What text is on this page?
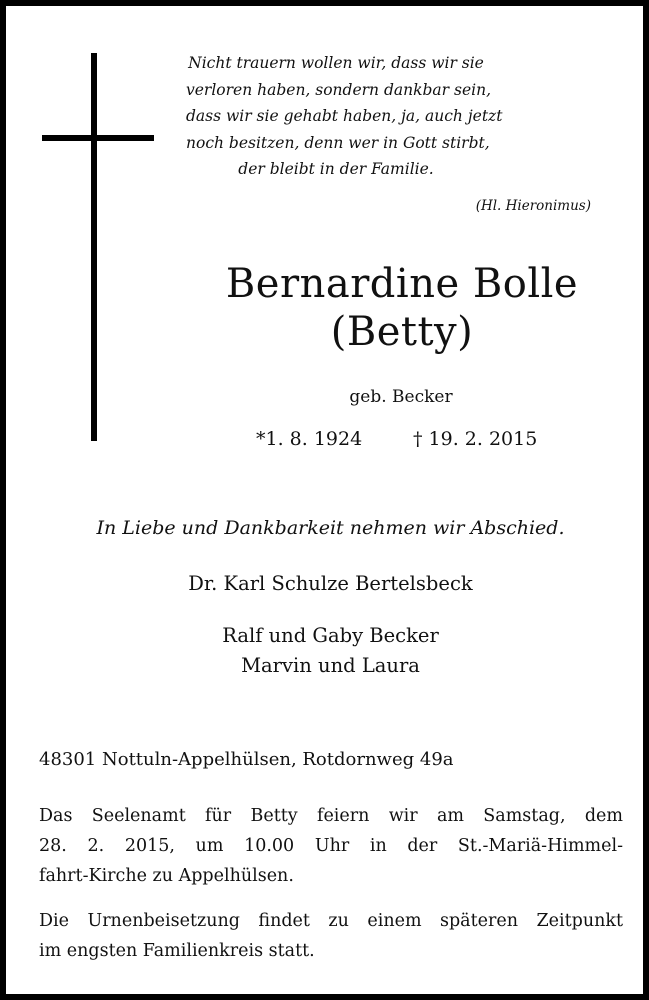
Nicht trauern wollen wir, dass wir sie
verloren haben, sondern dankbar sein,
dass wir sie gehabt haben, ja, auch jetzt
noch besitzen, denn wer in Gott stirbt,
der bleibt in der Familie.
(Hl. Hieronimus)
Bernardine Bolle
(Betty)
geb. Becker
*1. 8. 1924	† 19. 2. 2015
In Liebe und Dankbarkeit nehmen wir Abschied.
Dr. Karl Schulze Bertelsbeck
Ralf und Gaby Becker
Marvin und Laura
48301 Nottuln-Appelhülsen, Rotdornweg 49a
Das Seelenamt für Betty feiern wir am Samstag, dem
28. 2. 2015, um 10.00 Uhr in der St.-Mariä-Himmel-
fahrt-Kirche zu Appelhülsen.
Die Urnenbeisetzung findet zu einem späteren Zeitpunkt
im engsten Familienkreis statt.
